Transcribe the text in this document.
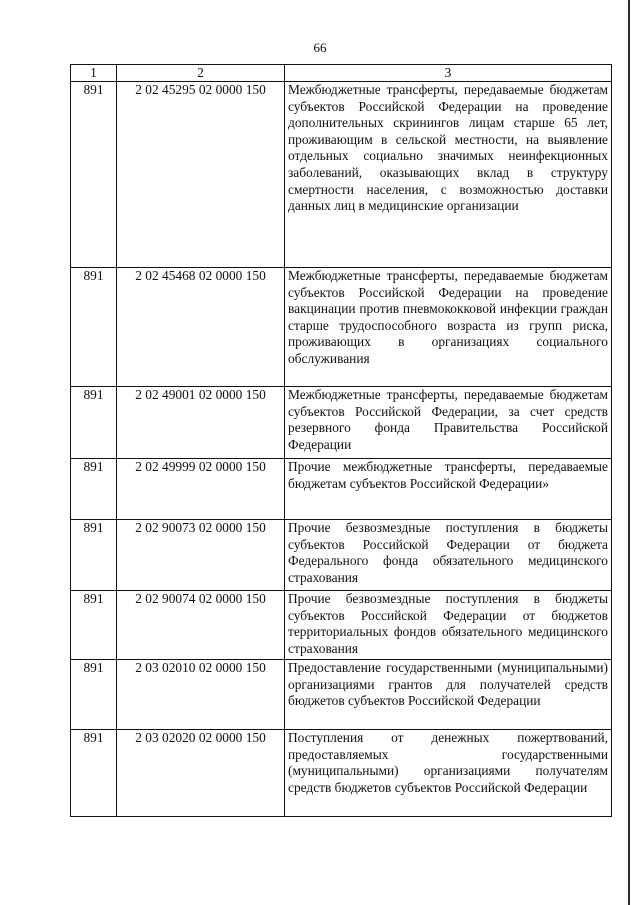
66
1	2	3
891	2 02 45295 02 0000 150	Межбюджетные трансферты, передаваемые бюджетам субъектов Российской Федерации на проведение дополнительных скринингов лицам старше 65 лет, проживающим в сельской местности, на выявление отдельных социально значимых неинфекционных заболеваний, оказывающих вклад в структуру смертности населения, с возможностью доставки данных лиц в медицинские организации
891	2 02 45468 02 0000 150	Межбюджетные трансферты, передаваемые бюджетам субъектов Российской Федерации на проведение вакцинации против пневмококковой инфекции граждан старше трудоспособного возраста из групп риска, проживающих в организациях социального обслуживания
891	2 02 49001 02 0000 150	Межбюджетные трансферты, передаваемые бюджетам субъектов Российской Федерации, за счет средств резервного фонда Правительства Российской Федерации
891	2 02 49999 02 0000 150	Прочие межбюджетные трансферты, передаваемые бюджетам субъектов Российской Федерации»
891	2 02 90073 02 0000 150	Прочие безвозмездные поступления в бюджеты субъектов Российской Федерации от бюджета Федерального фонда обязательного медицинского страхования
891	2 02 90074 02 0000 150	Прочие безвозмездные поступления в бюджеты субъектов Российской Федерации от бюджетов территориальных фондов обязательного медицинского страхования
891	2 03 02010 02 0000 150	Предоставление государственными (муниципальными) организациями грантов для получателей средств бюджетов субъектов Российской Федерации
891	2 03 02020 02 0000 150	Поступления от денежных пожертвований, предоставляемых государственными (муниципальными) организациями получателям средств бюджетов субъектов Российской Федерации
